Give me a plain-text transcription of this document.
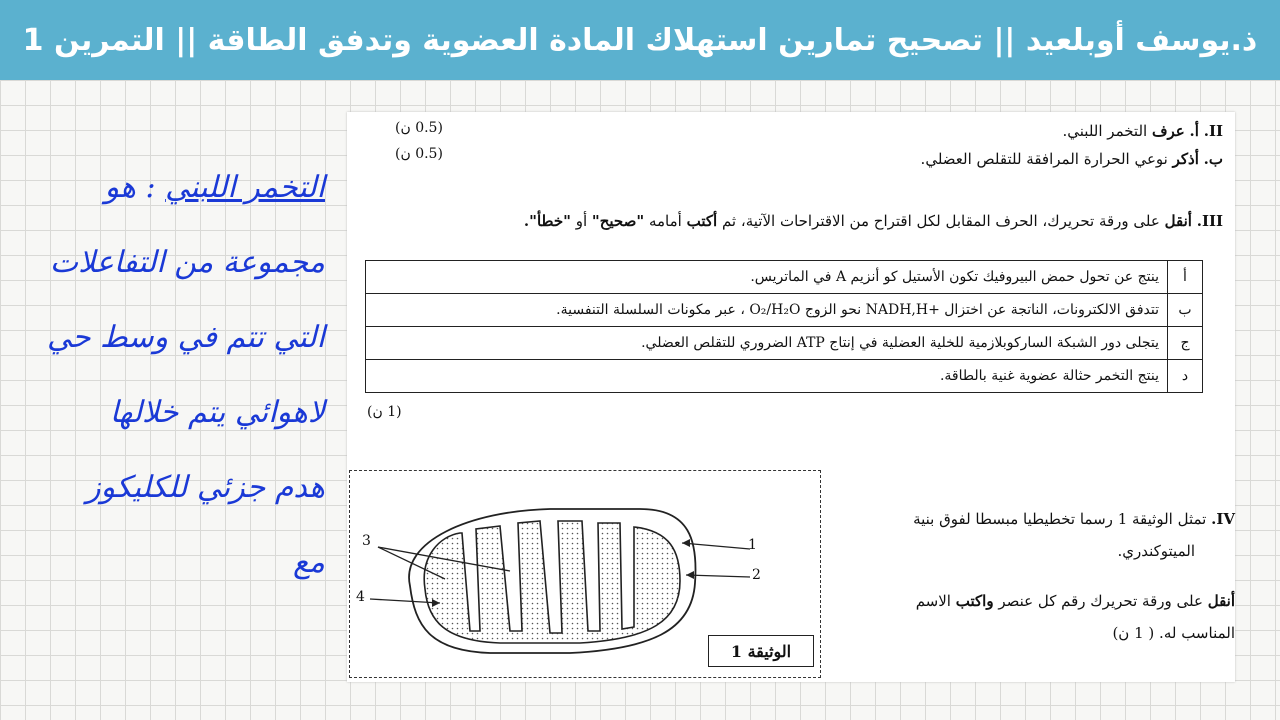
ذ.يوسف أوبلعيد || تصحيح تمارين استهلاك المادة العضوية وتدفق الطاقة || التمرين 1
التخمر اللبني : هو
مجموعة من التفاعلات
التي تتم في وسط حي
لاهوائي يتم خلالها
هدم جزئي للكليكوز
مع
II. أ. عرف التخمر اللبني.
(0.5 ن)
ب. أذكر نوعي الحرارة المرافقة للتقلص العضلي.
(0.5 ن)
III. أنقل على ورقة تحريرك، الحرف المقابل لكل اقتراح من الاقتراحات الآتية، ثم أكتب أمامه "صحيح" أو "خطأ".
أ	ينتج عن تحول حمض البيروفيك تكون الأستيل كو أنزيم A في الماتريس.
ب	تتدفق الالكترونات، الناتجة عن اختزال +NADH,H نحو الزوج O₂/H₂O ، عبر مكونات السلسلة التنفسية.
ج	يتجلى دور الشبكة الساركوبلازمية للخلية العضلية في إنتاج ATP الضروري للتقلص العضلي.
د	ينتج التخمر حثالة عضوية غنية بالطاقة.
(1 ن)
IV. تمثل الوثيقة 1 رسما تخطيطيا مبسطا لفوق بنية
الميتوكندري.
أنقل على ورقة تحريرك رقم كل عنصر واكتب الاسم
المناسب له. ( 1 ن)
1
2
3
4
الوثيقة 1
